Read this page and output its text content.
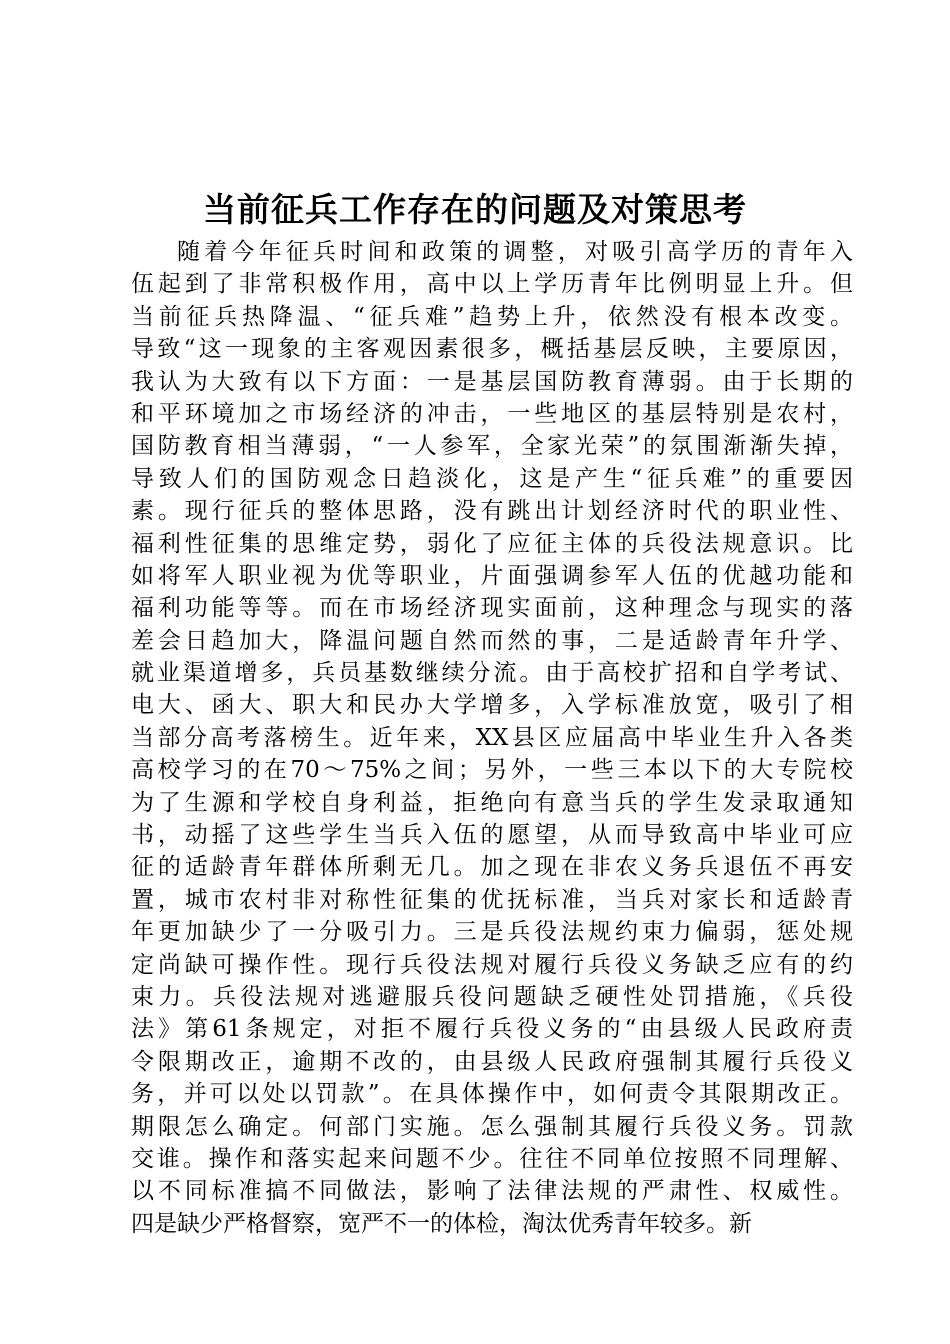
当前征兵工作存在的问题及对策思考
随着今年征兵时间和政策的调整，对吸引高学历的青年入
伍起到了非常积极作用，高中以上学历青年比例明显上升。但
当前征兵热降温、“征兵难”趋势上升，依然没有根本改变。
导致“这一现象的主客观因素很多，概括基层反映，主要原因，
我认为大致有以下方面：一是基层国防教育薄弱。由于长期的
和平环境加之市场经济的冲击，一些地区的基层特别是农村，
国防教育相当薄弱，“一人参军，全家光荣”的氛围渐渐失掉，
导致人们的国防观念日趋淡化，这是产生“征兵难”的重要因
素。现行征兵的整体思路，没有跳出计划经济时代的职业性、
福利性征集的思维定势，弱化了应征主体的兵役法规意识。比
如将军人职业视为优等职业，片面强调参军人伍的优越功能和
福利功能等等。而在市场经济现实面前，这种理念与现实的落
差会日趋加大，降温问题自然而然的事，二是适龄青年升学、
就业渠道增多，兵员基数继续分流。由于高校扩招和自学考试、
电大、函大、职大和民办大学增多，入学标准放宽，吸引了相
当部分高考落榜生。近年来，XX县区应届高中毕业生升入各类
高校学习的在70～75%之间；另外，一些三本以下的大专院校
为了生源和学校自身利益，拒绝向有意当兵的学生发录取通知
书，动摇了这些学生当兵入伍的愿望，从而导致高中毕业可应
征的适龄青年群体所剩无几。加之现在非农义务兵退伍不再安
置，城市农村非对称性征集的优抚标准，当兵对家长和适龄青
年更加缺少了一分吸引力。三是兵役法规约束力偏弱，惩处规
定尚缺可操作性。现行兵役法规对履行兵役义务缺乏应有的约
束力。兵役法规对逃避服兵役问题缺乏硬性处罚措施，《兵役
法》第61条规定，对拒不履行兵役义务的“由县级人民政府责
令限期改正，逾期不改的，由县级人民政府强制其履行兵役义
务，并可以处以罚款”。在具体操作中，如何责令其限期改正。
期限怎么确定。何部门实施。怎么强制其履行兵役义务。罚款
交谁。操作和落实起来问题不少。往往不同单位按照不同理解、
以不同标准搞不同做法，影响了法律法规的严肃性、权威性。
四是缺少严格督察，宽严不一的体检，淘汰优秀青年较多。新
